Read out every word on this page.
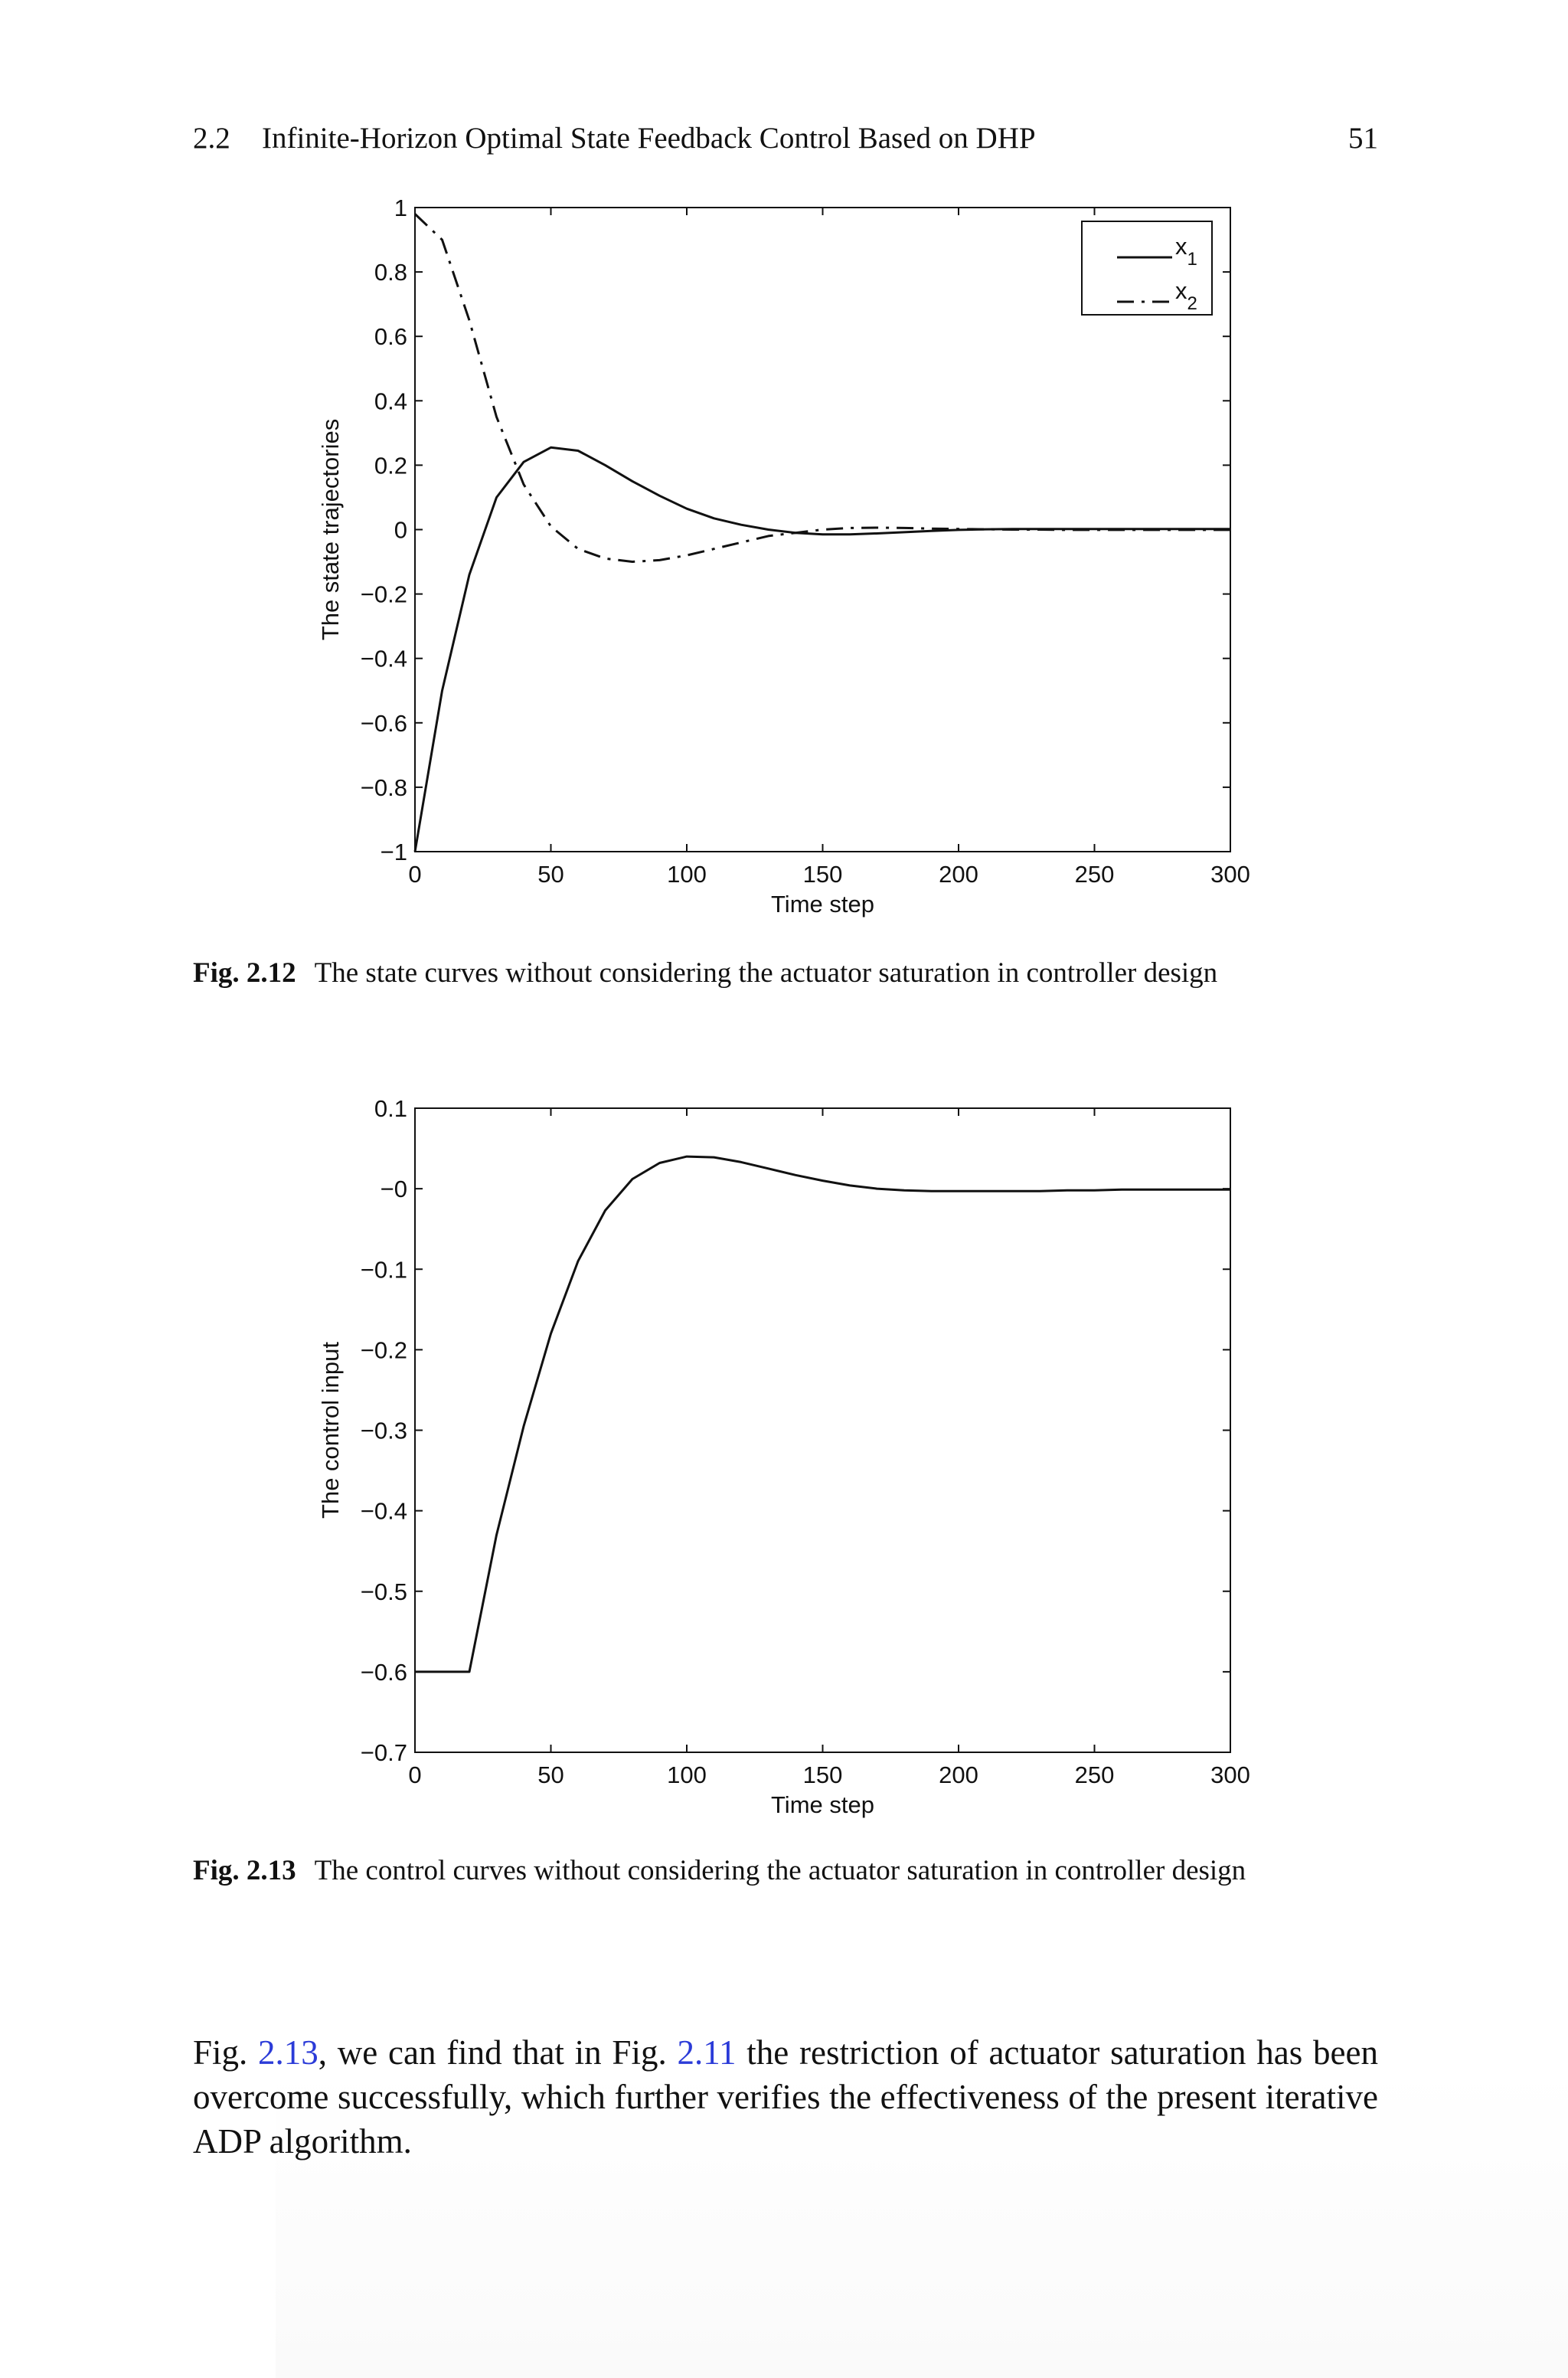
2.2 Infinite-Horizon Optimal State Feedback Control Based on DHP	51
0	50	100	150	200	250	300
−1
−0.8
−0.6
−0.4
−0.2
0
0.2
0.4
0.6
0.8
1
Time step
The state trajectories
$x_1$
$x_2$
Fig. 2.12 The state curves without considering the actuator saturation in controller design
0	50	100	150	200	250	300
−0.7
−0.6
−0.5
−0.4
−0.3
−0.2
−0.1
−0
0.1
Time step
The control input
Fig. 2.13 The control curves without considering the actuator saturation in controller design

Fig. 2.13, we can find that in Fig. 2.11 the restriction of actuator saturation has been overcome successfully, which further verifies the effectiveness of the present iterative ADP algorithm.
